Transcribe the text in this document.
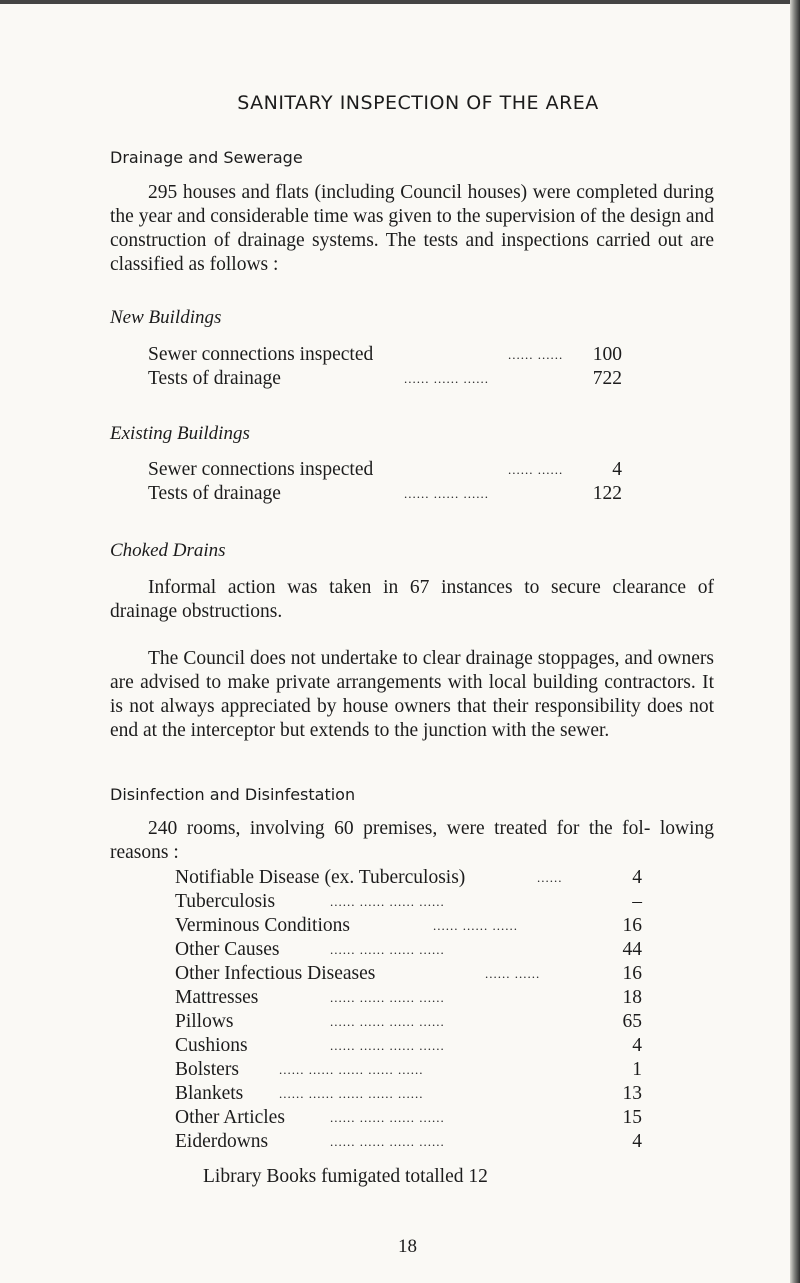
SANITARY INSPECTION OF THE AREA
Drainage and Sewerage
295 houses and flats (including Council houses) were completed during the year and considerable time was given to the supervision of the design and construction of drainage systems. The tests and inspections carried out are classified as follows :
New Buildings
Sewer connections inspected	...... ...... 100
Tests of drainage	...... ...... ......	722
Existing Buildings
Sewer connections inspected	...... ......	4
Tests of drainage	...... ...... ......	122
Choked Drains
Informal action was taken in 67 instances to secure clearance of drainage obstructions.
The Council does not undertake to clear drainage stoppages, and owners are advised to make private arrangements with local building contractors. It is not always appreciated by house owners that their responsibility does not end at the interceptor but extends to the junction with the sewer.
Disinfection and Disinfestation
240 rooms, involving 60 premises, were treated for the fol- lowing reasons :
Notifiable Disease (ex. Tuberculosis)	......	4
Tuberculosis	...... ...... ...... ......	–
Verminous Conditions	...... ...... ......	16
Other Causes	...... ...... ...... ......	44
Other Infectious Diseases	...... ......	16
Mattresses	...... ...... ...... ......	18
Pillows	...... ...... ...... ......	65
Cushions	...... ...... ...... ......	4
Bolsters	...... ...... ...... ...... ......	1
Blankets	...... ...... ...... ...... ......	13
Other Articles	...... ...... ...... ......	15
Eiderdowns	...... ...... ...... ......	4
Library Books fumigated totalled 12
18
